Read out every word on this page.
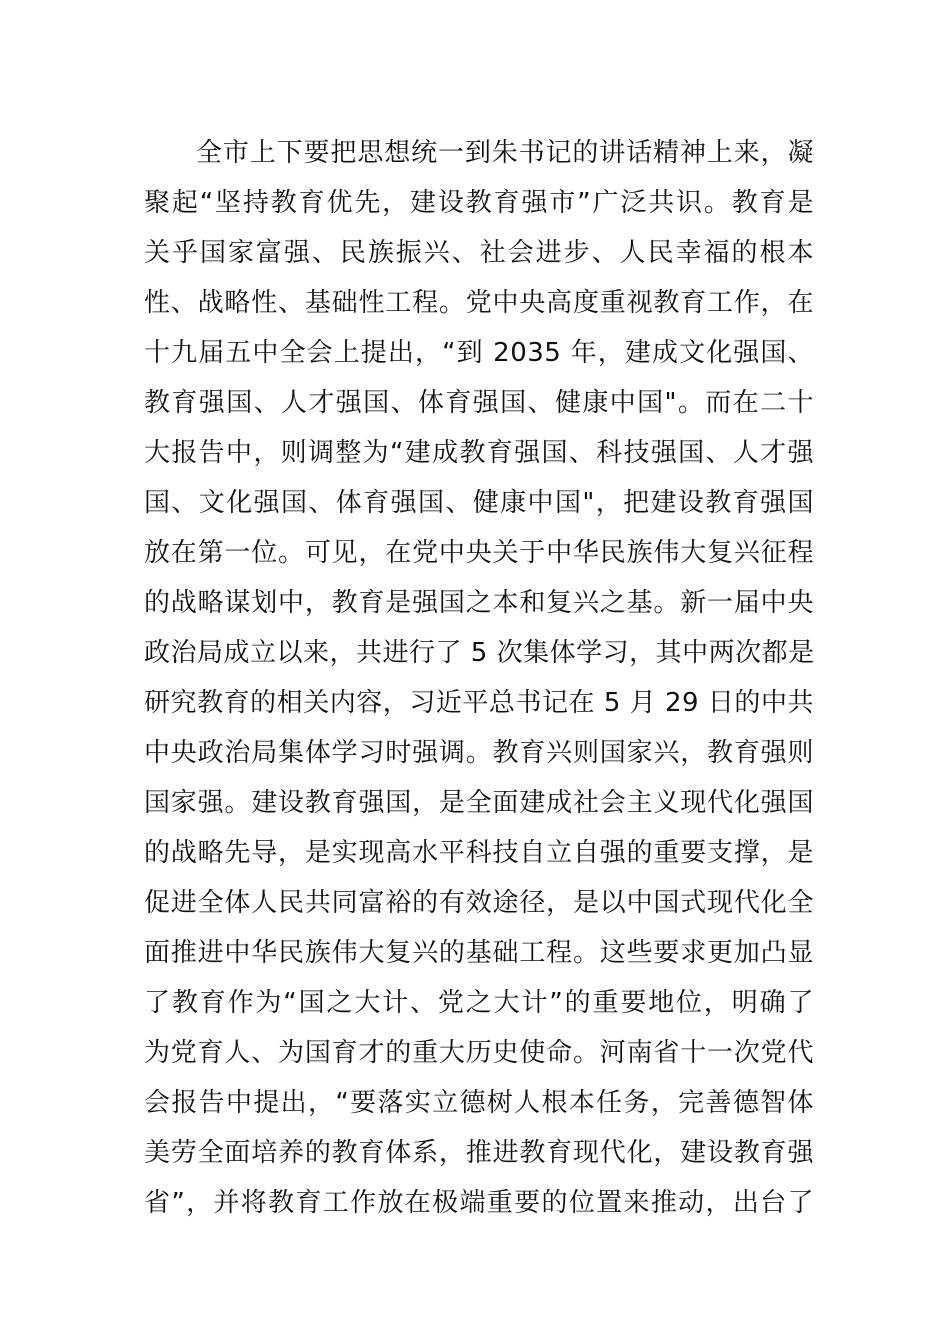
全市上下要把思想统一到朱书记的讲话精神上来，凝
聚起“坚持教育优先，建设教育强市”广泛共识。教育是
关乎国家富强、民族振兴、社会进步、人民幸福的根本
性、战略性、基础性工程。党中央高度重视教育工作，在
十九届五中全会上提出，“到 2035 年，建成文化强国、
教育强国、人才强国、体育强国、健康中国"。而在二十
大报告中，则调整为“建成教育强国、科技强国、人才强
国、文化强国、体育强国、健康中国"，把建设教育强国
放在第一位。可见，在党中央关于中华民族伟大复兴征程
的战略谋划中，教育是强国之本和复兴之基。新一届中央
政治局成立以来，共进行了 5 次集体学习，其中两次都是
研究教育的相关内容，习近平总书记在 5 月 29 日的中共
中央政治局集体学习时强调。教育兴则国家兴，教育强则
国家强。建设教育强国，是全面建成社会主义现代化强国
的战略先导，是实现高水平科技自立自强的重要支撑，是
促进全体人民共同富裕的有效途径，是以中国式现代化全
面推进中华民族伟大复兴的基础工程。这些要求更加凸显
了教育作为“国之大计、党之大计”的重要地位，明确了
为党育人、为国育才的重大历史使命。河南省十一次党代
会报告中提出，“要落实立德树人根本任务，完善德智体
美劳全面培养的教育体系，推进教育现代化，建设教育强
省”，并将教育工作放在极端重要的位置来推动，出台了
